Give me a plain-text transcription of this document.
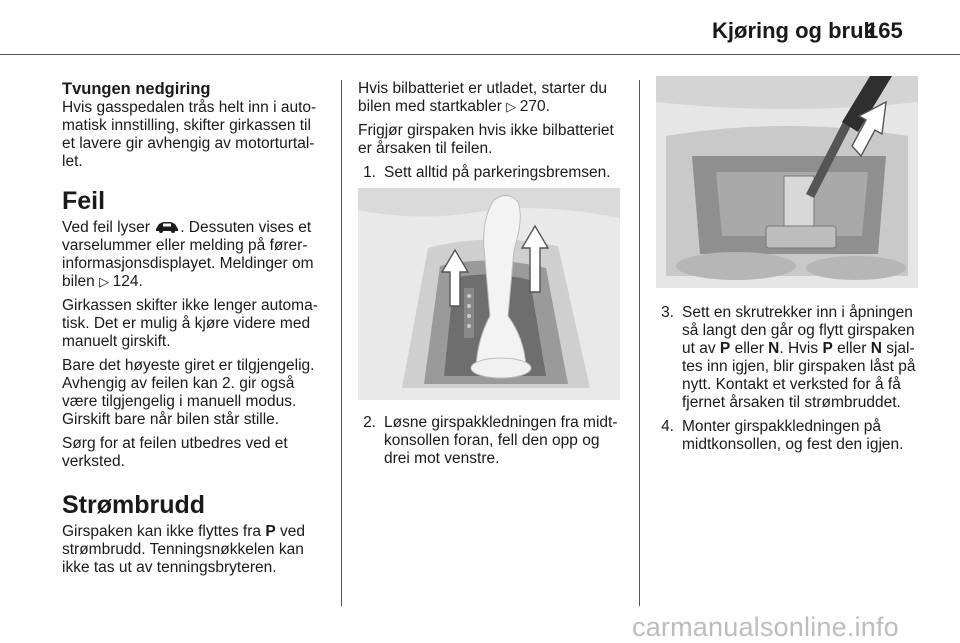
Kjøring og bruk
165
Tvungen nedgiring

Hvis gasspedalen trås helt inn i automatisk innstilling, skifter girkassen til et lavere gir avhengig av motorturtallet.

Feil

Ved feil lyser . Dessuten vises et varselummer eller melding på førerinformasjonsdisplayet. Meldinger om bilen ▷ 124.

Girkassen skifter ikke lenger automatisk. Det er mulig å kjøre videre med manuelt girskift.

Bare det høyeste giret er tilgjengelig. Avhengig av feilen kan 2. gir også være tilgjengelig i manuell modus. Girskift bare når bilen står stille.

Sørg for at feilen utbedres ved et verksted.

Strømbrudd

Girspaken kan ikke flyttes fra P ved strømbrudd. Tenningsnøkkelen kan ikke tas ut av tenningsbryteren.

Hvis bilbatteriet er utladet, starter du bilen med startkabler ▷ 270.

Frigjør girspaken hvis ikke bilbatteriet er årsaken til feilen.

1. Sett alltid på parkeringsbremsen.
2. Løsne girspakkledningen fra midtkonsollen foran, fell den opp og drei mot venstre.
3. Sett en skrutrekker inn i åpningen så langt den går og flytt girspaken ut av P eller N. Hvis P eller N sjaltes inn igjen, blir girspaken låst på nytt. Kontakt et verksted for å få fjernet årsaken til strømbruddet.
4. Monter girspakkledningen på midtkonsollen, og fest den igjen.
carmanualsonline.info
